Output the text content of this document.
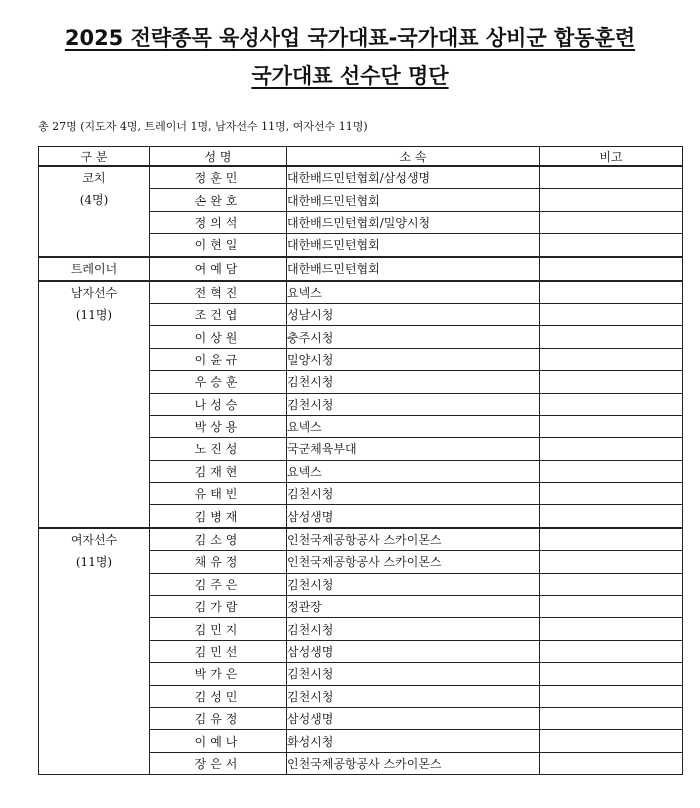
2025 전략종목 육성사업 국가대표-국가대표 상비군 합동훈련
국가대표 선수단 명단
총 27명 (지도자 4명, 트레이너 1명, 남자선수 11명, 여자선수 11명)
구 분	성 명	소 속	비고

코치
(4명)	정훈민	대한배드민턴협회/삼성생명	
	손완호	대한배드민턴협회	
	정의석	대한배드민턴협회/밀양시청	
	이현일	대한배드민턴협회	

트레이너	여예담	대한배드민턴협회	

남자선수
(11명)	전혁진	요넥스	
	조건엽	성남시청	
	이상원	충주시청	
	이윤규	밀양시청	
	우승훈	김천시청	
	나성승	김천시청	
	박상용	요넥스	
	노진성	국군체육부대	
	김재현	요넥스	
	유태빈	김천시청	
	김병재	삼성생명	

여자선수
(11명)	김소영	인천국제공항공사 스카이몬스	
	채유정	인천국제공항공사 스카이몬스	
	김주은	김천시청	
	김가람	정관장	
	김민지	김천시청	
	김민선	삼성생명	
	박가은	김천시청	
	김성민	김천시청	
	김유정	삼성생명	
	이예나	화성시청	
	장은서	인천국제공항공사 스카이몬스	
